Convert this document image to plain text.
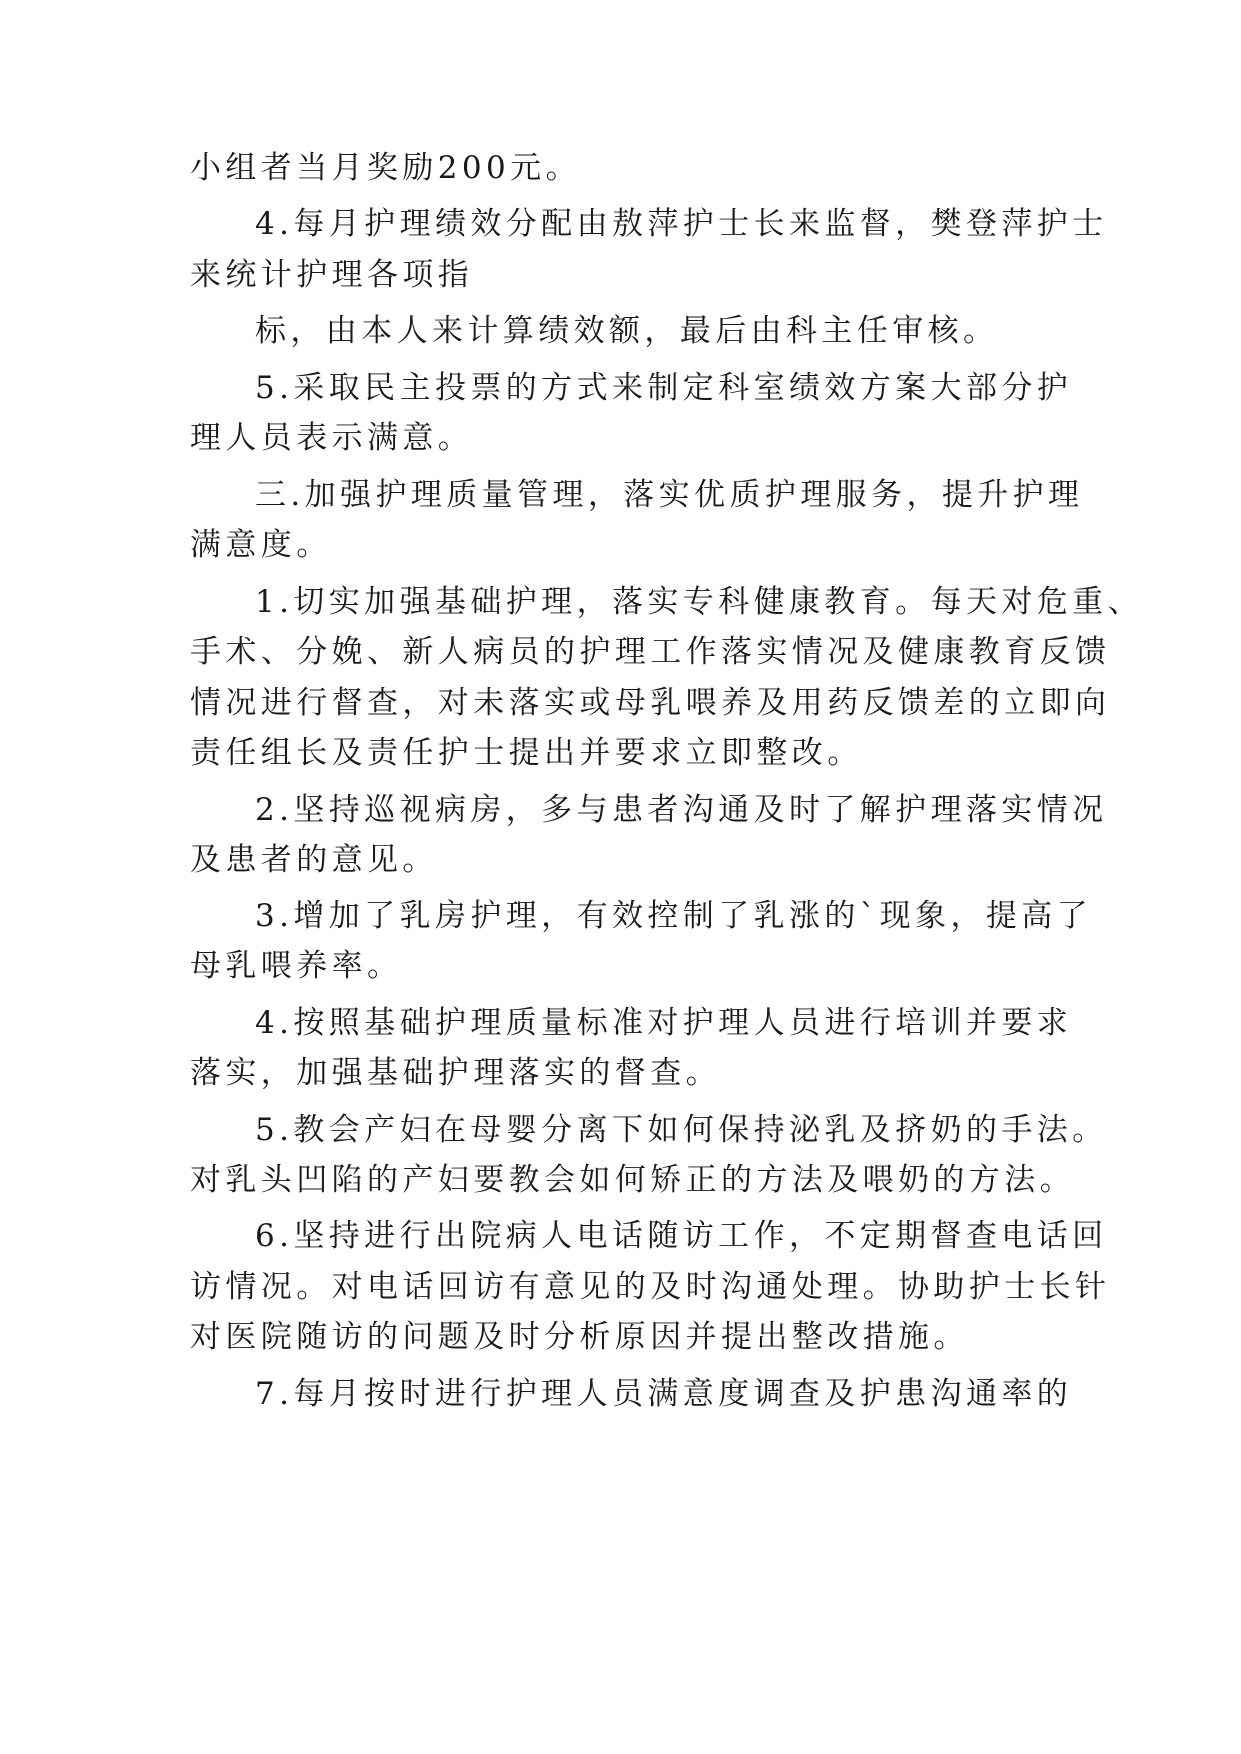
小组者当月奖励200元。
4.每月护理绩效分配由敖萍护士长来监督，樊登萍护士
来统计护理各项指
标，由本人来计算绩效额，最后由科主任审核。
5.采取民主投票的方式来制定科室绩效方案大部分护
理人员表示满意。
三.加强护理质量管理，落实优质护理服务，提升护理
满意度。
1.切实加强基础护理，落实专科健康教育。每天对危重、
手术、分娩、新人病员的护理工作落实情况及健康教育反馈
情况进行督查，对未落实或母乳喂养及用药反馈差的立即向
责任组长及责任护士提出并要求立即整改。
2.坚持巡视病房，多与患者沟通及时了解护理落实情况
及患者的意见。
3.增加了乳房护理，有效控制了乳涨的`现象，提高了
母乳喂养率。
4.按照基础护理质量标准对护理人员进行培训并要求
落实，加强基础护理落实的督查。
5.教会产妇在母婴分离下如何保持泌乳及挤奶的手法。
对乳头凹陷的产妇要教会如何矫正的方法及喂奶的方法。
6.坚持进行出院病人电话随访工作，不定期督查电话回
访情况。对电话回访有意见的及时沟通处理。协助护士长针
对医院随访的问题及时分析原因并提出整改措施。
7.每月按时进行护理人员满意度调查及护患沟通率的
